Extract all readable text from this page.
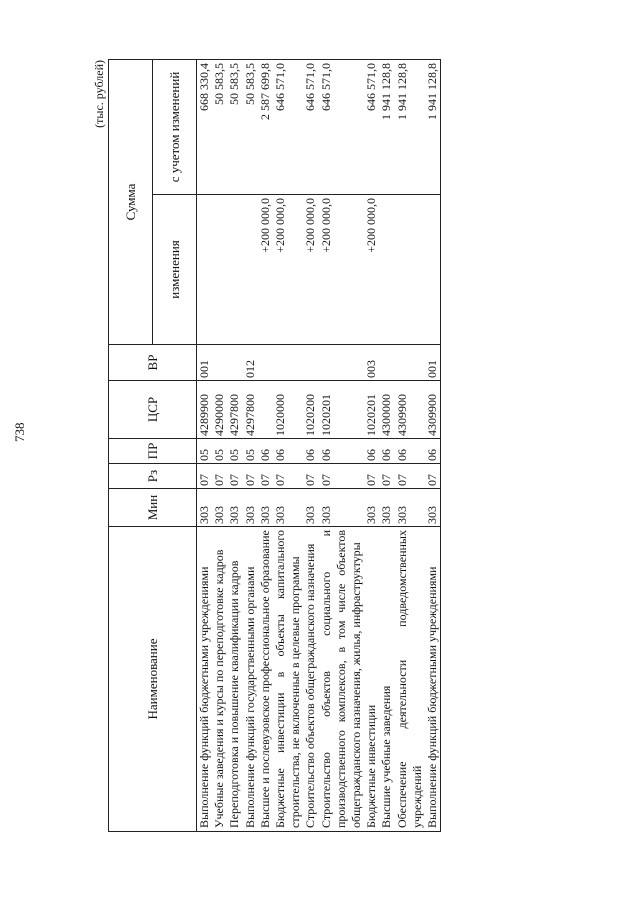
738
(тыс. рублей)
Наименование	Мин	Рз	ПР	ЦСР	ВР	Сумма	
						изменения	с учетом изменений
Выполнение функций бюджетными учреждениями	303	07	05	4289900	001		668 330,4
Учебные заведения и курсы по переподготовке кадров	303	07	05	4290000			50 583,5
Переподготовка и повышение квалификации кадров	303	07	05	4297800			50 583,5
Выполнение функций государственными органами	303	07	05	4297800	012		50 583,5
Высшее и послевузовское профессиональное образование	303	07	06			+200 000,0	2 587 699,8
Бюджетные инвестиции в объекты капитального строительства, не включенные в целевые программы	303	07	06	1020000		+200 000,0	646 571,0
Строительство объектов общегражданского назначения	303	07	06	1020200		+200 000,0	646 571,0
Строительство объектов социального и производственного комплексов, в том числе объектов общегражданского назначения, жилья, инфраструктуры	303	07	06	1020201		+200 000,0	646 571,0
Бюджетные инвестиции	303	07	06	1020201	003	+200 000,0	646 571,0
Высшие учебные заведения	303	07	06	4300000			1 941 128,8
Обеспечение деятельности подведомственных учреждений	303	07	06	4309900			1 941 128,8
Выполнение функций бюджетными учреждениями	303	07	06	4309900	001		1 941 128,8
